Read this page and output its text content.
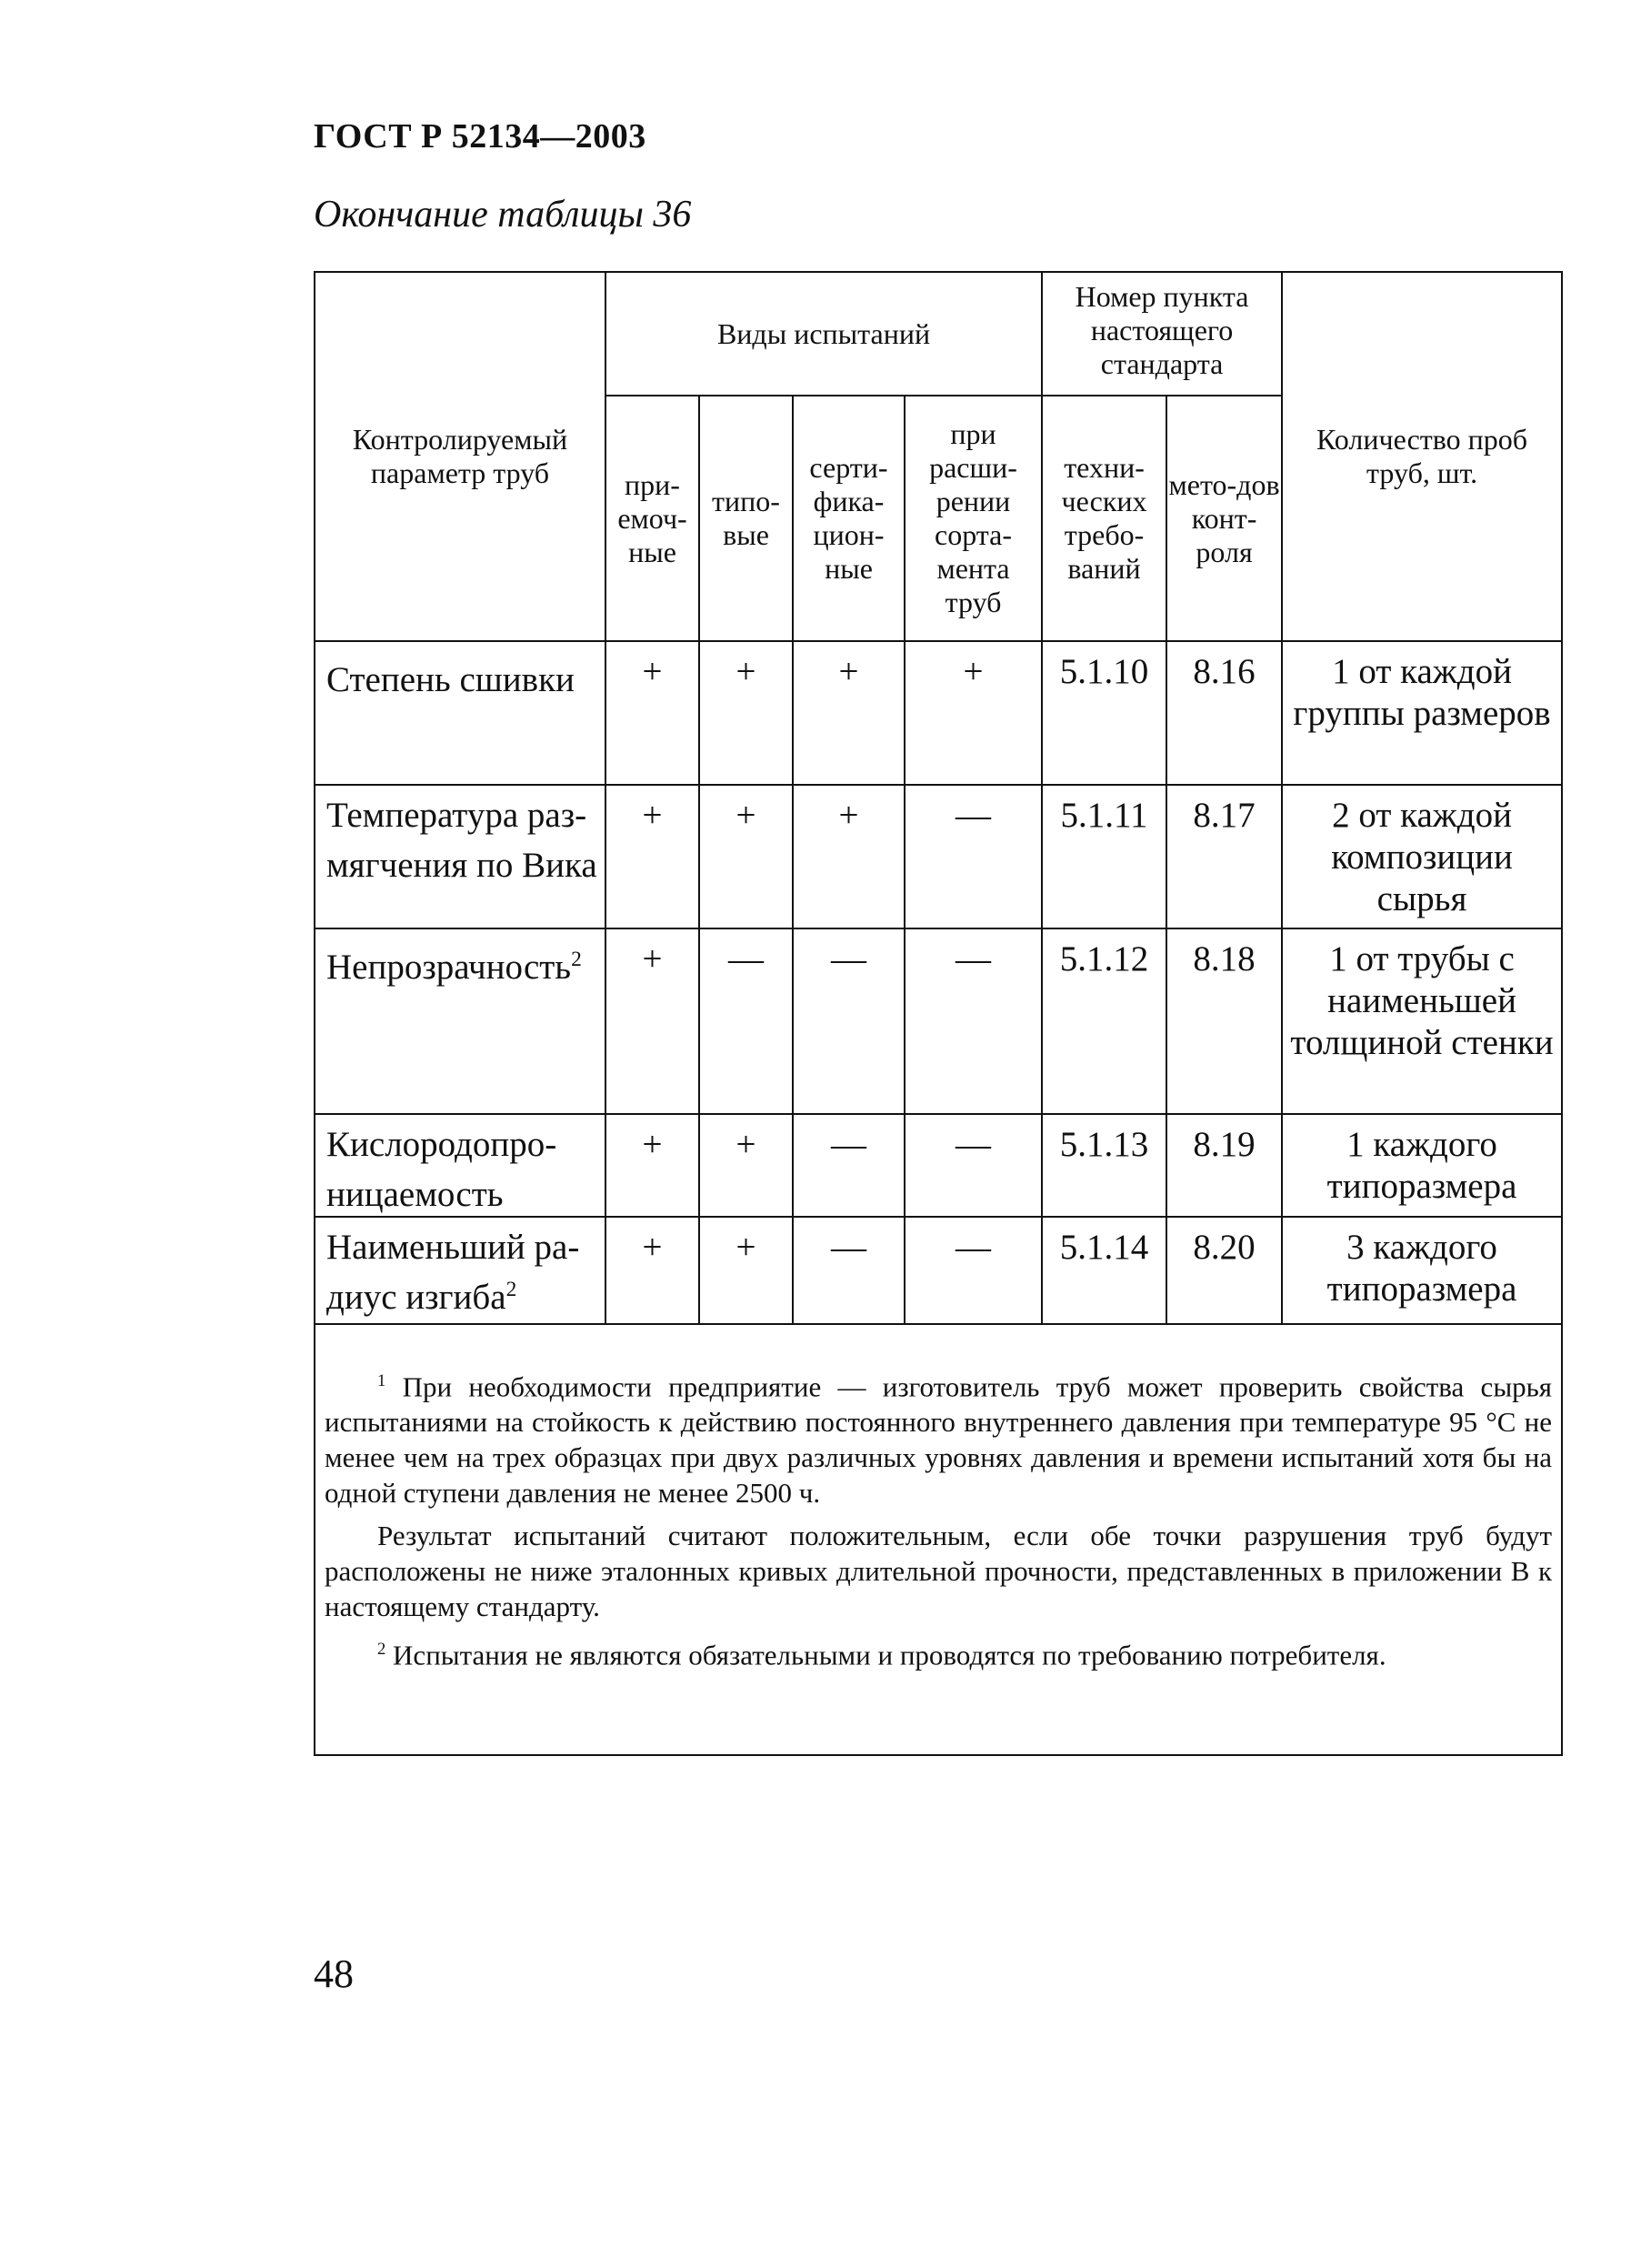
ГОСТ Р 52134—2003
Окончание таблицы 36
Контролируемый параметр труб	Виды испытаний				Номер пункта настоящего стандарта		Количество проб труб, шт.
	при-емоч-ные	типо-вые	серти-фика-цион-ные	при расши-рении сорта-мента труб	техни-ческих требо-ваний	мето-дов конт-роля	
Степень сшивки	+	+	+	+	5.1.10	8.16	1 от каждой группы размеров
Температура раз-мягчения по Вика	+	+	+	—	5.1.11	8.17	2 от каждой композиции сырья
Непрозрачность$^2$	+	—	—	—	5.1.12	8.18	1 от трубы с наименьшей толщиной стенки
Кислородопро-ницаемость	+	+	—	—	5.1.13	8.19	1 каждого типоразмера
Наименьший ра-диус изгиба$^2$	+	+	—	—	5.1.14	8.20	3 каждого типоразмера

$^1$ При необходимости предприятие — изготовитель труб может проверить свойства сырья испытаниями на стойкость к действию постоянного внутреннего давления при температуре 95 °С не менее чем на трех образцах при двух различных уровнях давления и времени испытаний хотя бы на одной ступени давления не менее 2500 ч.

Результат испытаний считают положительным, если обе точки разрушения труб будут расположены не ниже эталонных кривых длительной прочности, представленных в приложении В к настоящему стандарту.

$^2$ Испытания не являются обязательными и проводятся по требованию потребителя.							

48
